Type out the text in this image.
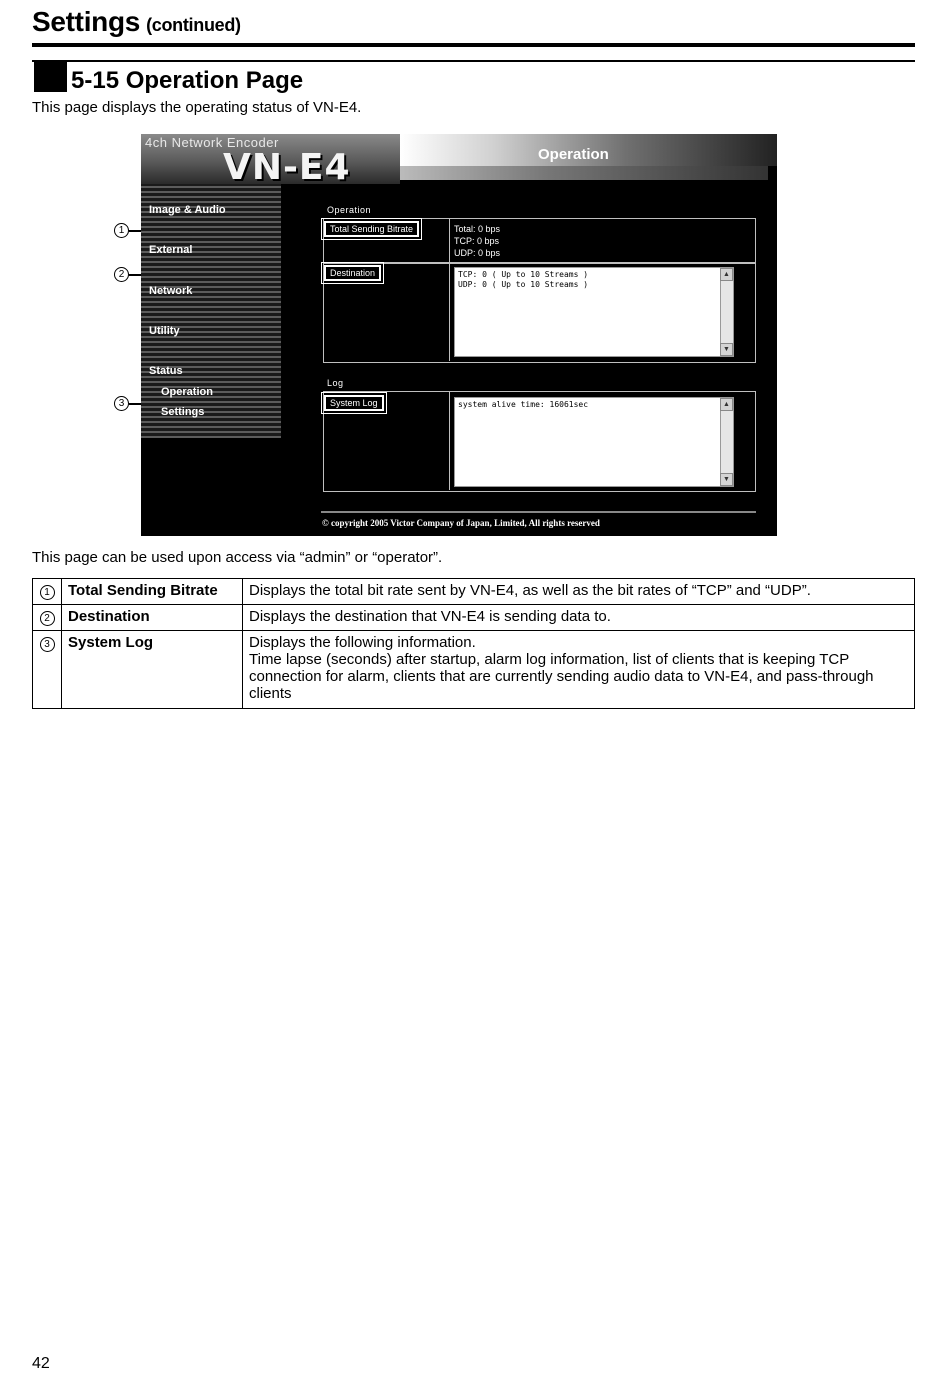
Settings (continued)
5-15 Operation Page
This page displays the operating status of VN-E4.
1
2
3
4ch Network Encoder
VN-E4	Operation
Image & Audio
External
Network
Utility
Status
Operation
Settings
Operation
Total Sending Bitrate	Total: 0 bps
TCP: 0 bps
UDP: 0 bps
Destination	TCP: 0 ( Up to 10 Streams )
UDP: 0 ( Up to 10 Streams )
▲
▼
Log
System Log	system alive time: 16061sec	▲
▼
© copyright 2005 Victor Company of Japan, Limited, All rights reserved
This page can be used upon access via “admin” or “operator”.
1	Total Sending Bitrate	Displays the total bit rate sent by VN-E4, as well as the bit rates of “TCP” and “UDP”.
2	Destination	Displays the destination that VN-E4 is sending data to.
3	System Log	Displays the following information.
Time lapse (seconds) after startup, alarm log information, list of clients that is keeping TCP connection for alarm, clients that are currently sending audio data to VN-E4, and pass-through clients
42
